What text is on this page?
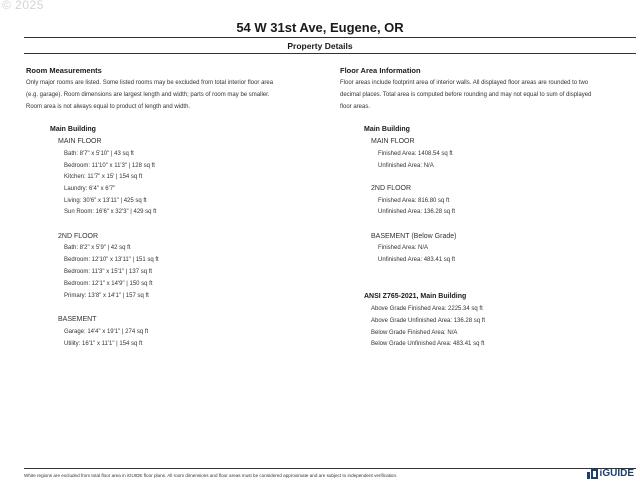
© 2025
54 W 31st Ave, Eugene, OR
Property Details
Room Measurements
Only major rooms are listed. Some listed rooms may be excluded from total interior floor area
(e.g. garage). Room dimensions are largest length and width; parts of room may be smaller.
Room area is not always equal to product of length and width.
Main Building
MAIN FLOOR
Bath: 8'7" x 5'10" | 43 sq ft
Bedroom: 11'10" x 11'3" | 128 sq ft
Kitchen: 11'7" x 15' | 154 sq ft
Laundry: 6'4" x 6'7"
Living: 30'6" x 13'11" | 425 sq ft
Sun Room: 16'6" x 32'3" | 429 sq ft
2ND FLOOR
Bath: 8'2" x 5'9" | 42 sq ft
Bedroom: 12'10" x 13'11" | 151 sq ft
Bedroom: 11'3" x 15'1" | 137 sq ft
Bedroom: 12'1" x 14'9" | 150 sq ft
Primary: 13'8" x 14'1" | 157 sq ft
BASEMENT
Garage: 14'4" x 19'1" | 274 sq ft
Utility: 16'1" x 11'1" | 154 sq ft
Floor Area Information
Floor areas include footprint area of interior walls. All displayed floor areas are rounded to two
decimal places. Total area is computed before rounding and may not equal to sum of displayed
floor areas.
Main Building
MAIN FLOOR
Finished Area: 1408.54 sq ft
Unfinished Area: N/A
2ND FLOOR
Finished Area: 816.80 sq ft
Unfinished Area: 136.28 sq ft
BASEMENT (Below Grade)
Finished Area: N/A
Unfinished Area: 483.41 sq ft
ANSI Z765-2021, Main Building
Above Grade Finished Area: 2225.34 sq ft
Above Grade Unfinished Area: 136.28 sq ft
Below Grade Finished Area: N/A
Below Grade Unfinished Area: 483.41 sq ft
White regions are excluded from total floor area in iGUIDE floor plans. All room dimensions and floor areas must be considered approximate and are subject to independent verification.	iGUIDE
